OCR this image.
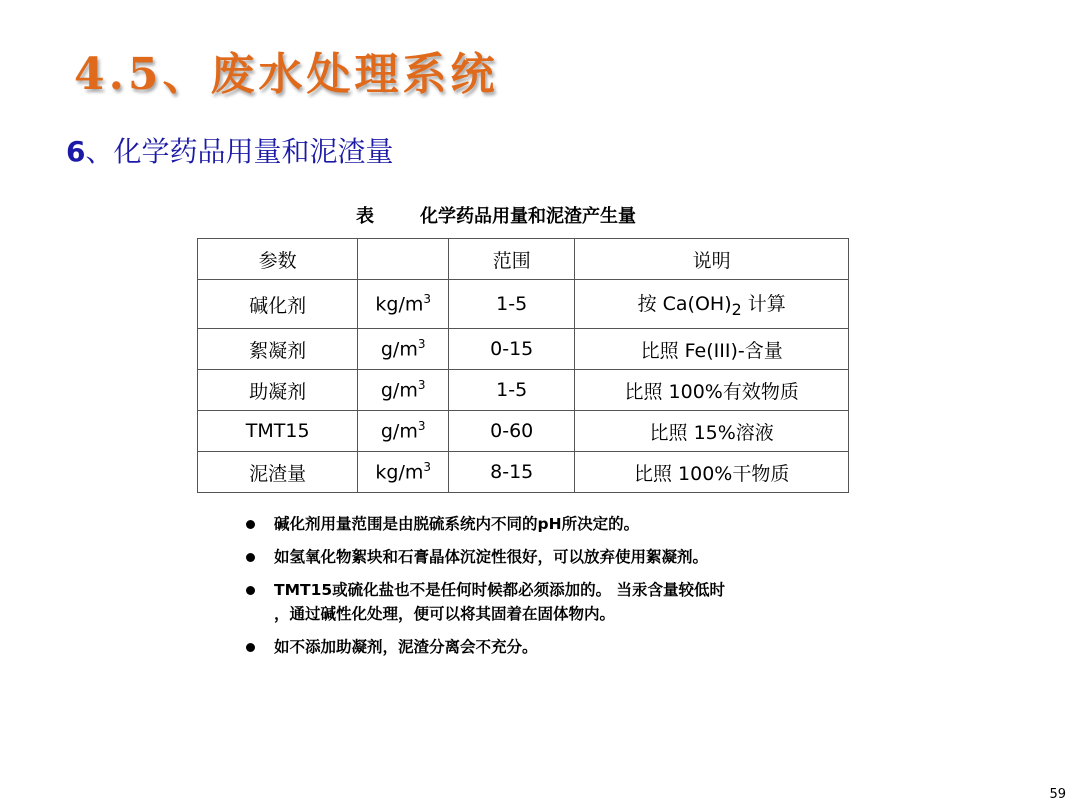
4.5、废水处理系统
6、化学药品用量和泥渣量
表	化学药品用量和泥渣产生量
参数		范围	说明
碱化剂	$kg/m^3$	1-5	按 $Ca(OH)_2$ 计算
絮凝剂	$g/m^3$	0-15	比照 Fe(III)-含量
助凝剂	$g/m^3$	1-5	比照 100%有效物质
TMT15	$g/m^3$	0-60	比照 15%溶液
泥渣量	$kg/m^3$	8-15	比照 100%干物质
碱化剂用量范围是由脱硫系统内不同的pH所决定的。
如氢氧化物絮块和石膏晶体沉淀性很好，可以放弃使用絮凝剂。
TMT15或硫化盐也不是任何时候都必须添加的。 当汞含量较低时
，通过碱性化处理，便可以将其固着在固体物内。
如不添加助凝剂，泥渣分离会不充分。
59
